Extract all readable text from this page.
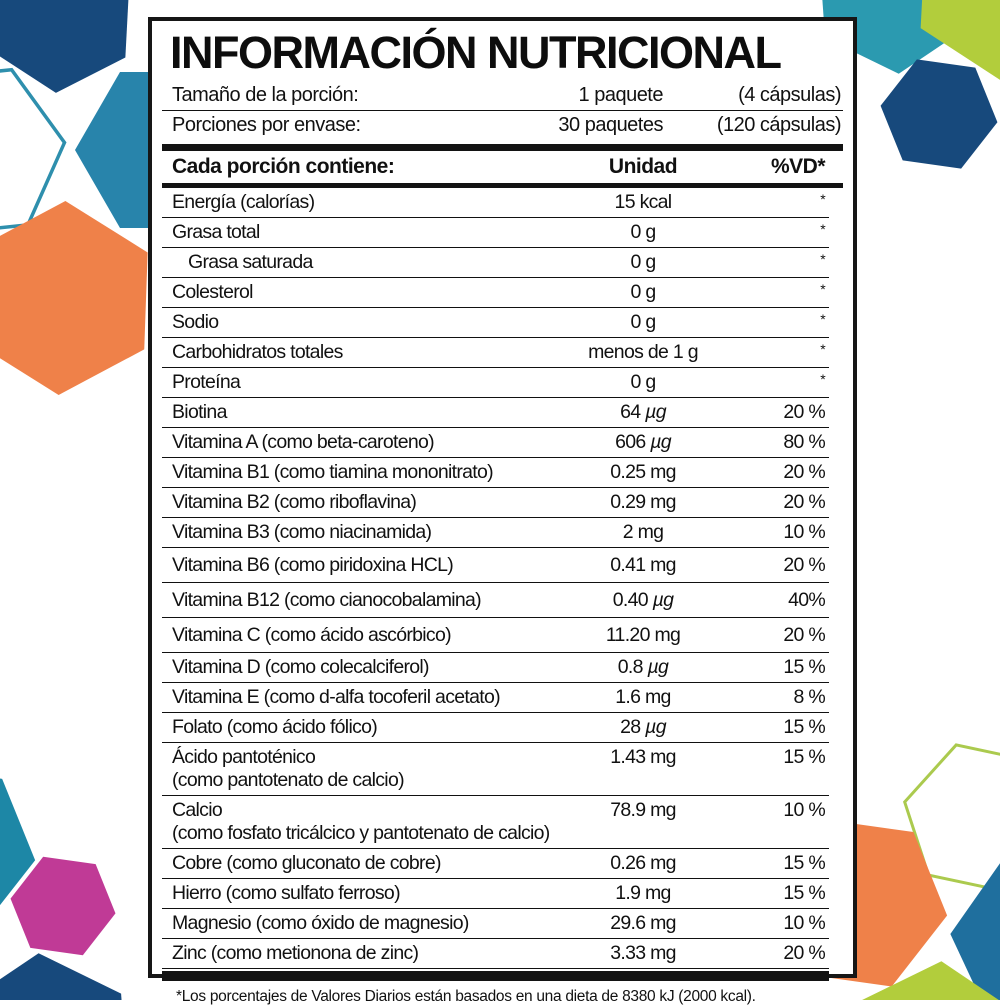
INFORMACIÓN NUTRICIONAL
Tamaño de la porción:	1 paquete	(4 cápsulas)
Porciones por envase:	30 paquetes	(120 cápsulas)
Cada porción contiene:	Unidad	%VD*
Energía (calorías)	15 kcal	*
Grasa total	0 g	*
Grasa saturada	0 g	*
Colesterol	0 g	*
Sodio	0 g	*
Carbohidratos totales	menos de 1 g	*
Proteína	0 g	*
Biotina	64 µg	20 %
Vitamina A (como beta-caroteno)	606 µg	80 %
Vitamina B1 (como tiamina mononitrato)	0.25 mg	20 %
Vitamina B2 (como riboflavina)	0.29 mg	20 %
Vitamina B3 (como niacinamida)	2 mg	10 %
Vitamina B6 (como piridoxina HCL)	0.41 mg	20 %
Vitamina B12 (como cianocobalamina)	0.40 µg	40%
Vitamina C (como ácido ascórbico)	11.20 mg	20 %
Vitamina D (como colecalciferol)	0.8 µg	15 %
Vitamina E (como d-alfa tocoferil acetato)	1.6 mg	8 %
Folato (como ácido fólico)	28 µg	15 %
Ácido pantoténico	1.43 mg	15 %
(como pantotenato de calcio)
Calcio	78.9 mg	10 %
(como fosfato tricálcico y pantotenato de calcio)
Cobre (como gluconato de cobre)	0.26 mg	15 %
Hierro (como sulfato ferroso)	1.9 mg	15 %
Magnesio (como óxido de magnesio)	29.6 mg	10 %
Zinc (como metionona de zinc)	3.33 mg	20 %
*Los porcentajes de Valores Diarios están basados en una dieta de 8380 kJ (2000 kcal).
